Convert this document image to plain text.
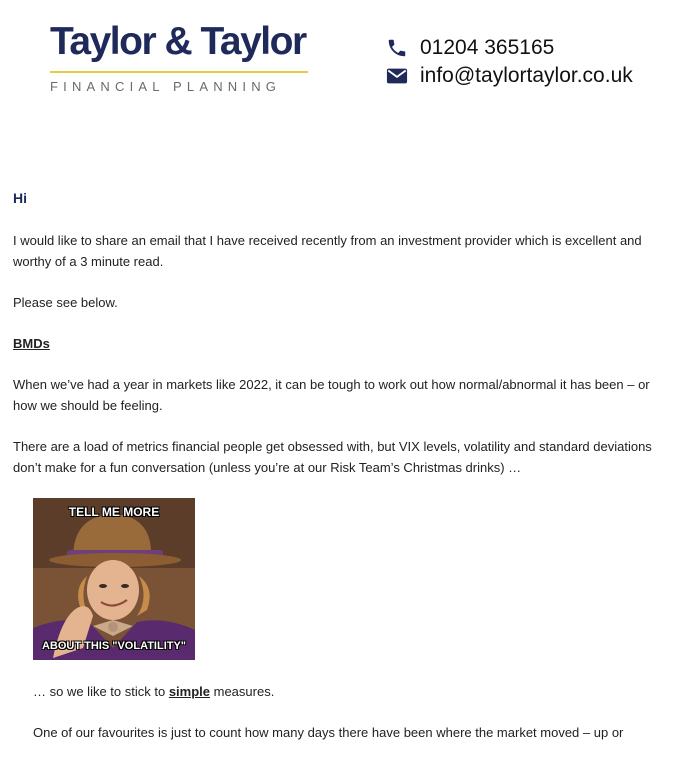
Taylor & Taylor
FINANCIAL PLANNING
01204 365165
info@taylortaylor.co.uk
Hi

I would like to share an email that I have received recently from an investment provider which is excellent and worthy of a 3 minute read.

Please see below.

BMDs

When we’ve had a year in markets like 2022, it can be tough to work out how normal/abnormal it has been – or how we should be feeling.

There are a load of metrics financial people get obsessed with, but VIX levels, volatility and standard deviations don’t make for a fun conversation (unless you’re at our Risk Team’s Christmas drinks) …

TELL ME MORE
ABOUT THIS "VOLATILITY"

… so we like to stick to simple measures.

One of our favourites is just to count how many days there have been where the market moved – up or
